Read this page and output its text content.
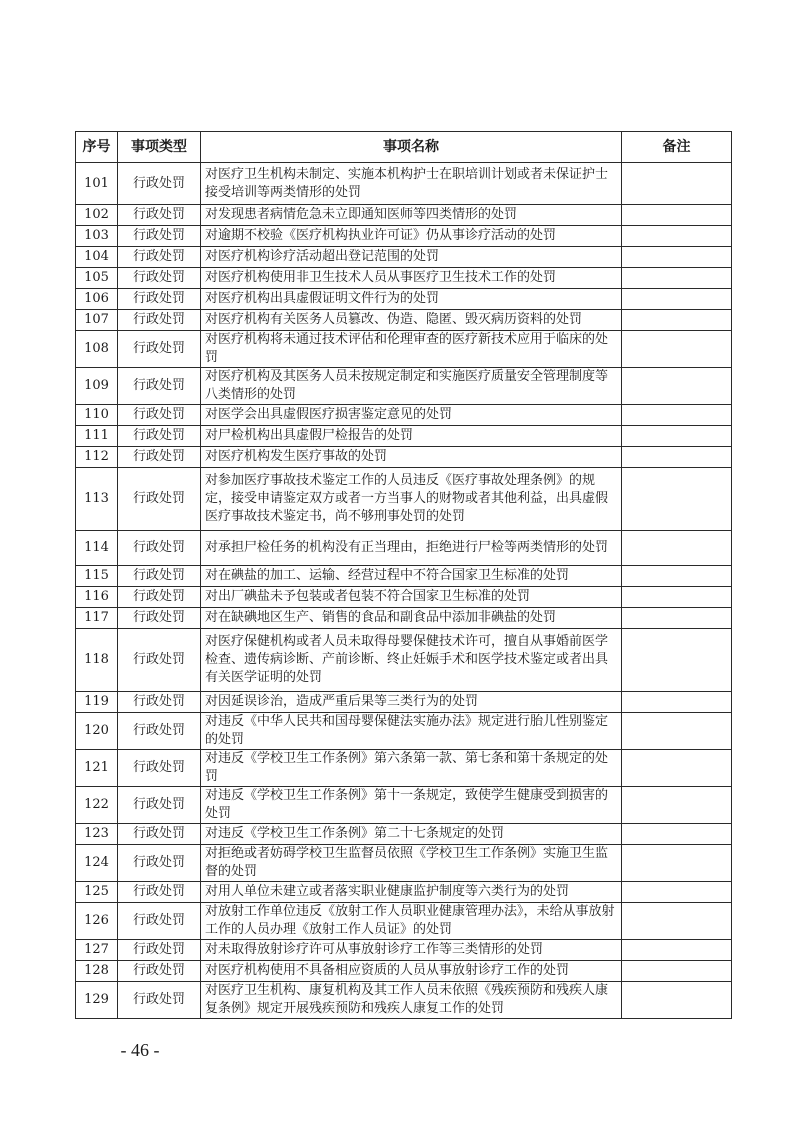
序号	事项类型	事项名称	备注
101	行政处罚	对医疗卫生机构未制定、实施本机构护士在职培训计划或者未保证护士接受培训等两类情形的处罚	
102	行政处罚	对发现患者病情危急未立即通知医师等四类情形的处罚	
103	行政处罚	对逾期不校验《医疗机构执业许可证》仍从事诊疗活动的处罚	
104	行政处罚	对医疗机构诊疗活动超出登记范围的处罚	
105	行政处罚	对医疗机构使用非卫生技术人员从事医疗卫生技术工作的处罚	
106	行政处罚	对医疗机构出具虚假证明文件行为的处罚	
107	行政处罚	对医疗机构有关医务人员篡改、伪造、隐匿、毁灭病历资料的处罚	
108	行政处罚	对医疗机构将未通过技术评估和伦理审查的医疗新技术应用于临床的处罚	
109	行政处罚	对医疗机构及其医务人员未按规定制定和实施医疗质量安全管理制度等八类情形的处罚	
110	行政处罚	对医学会出具虚假医疗损害鉴定意见的处罚	
111	行政处罚	对尸检机构出具虚假尸检报告的处罚	
112	行政处罚	对医疗机构发生医疗事故的处罚	
113	行政处罚	对参加医疗事故技术鉴定工作的人员违反《医疗事故处理条例》的规定，接受申请鉴定双方或者一方当事人的财物或者其他利益，出具虚假医疗事故技术鉴定书，尚不够刑事处罚的处罚	
114	行政处罚	对承担尸检任务的机构没有正当理由，拒绝进行尸检等两类情形的处罚	
115	行政处罚	对在碘盐的加工、运输、经营过程中不符合国家卫生标准的处罚	
116	行政处罚	对出厂碘盐未予包装或者包装不符合国家卫生标准的处罚	
117	行政处罚	对在缺碘地区生产、销售的食品和副食品中添加非碘盐的处罚	
118	行政处罚	对医疗保健机构或者人员未取得母婴保健技术许可，擅自从事婚前医学检查、遗传病诊断、产前诊断、终止妊娠手术和医学技术鉴定或者出具有关医学证明的处罚	
119	行政处罚	对因延误诊治，造成严重后果等三类行为的处罚	
120	行政处罚	对违反《中华人民共和国母婴保健法实施办法》规定进行胎儿性别鉴定的处罚	
121	行政处罚	对违反《学校卫生工作条例》第六条第一款、第七条和第十条规定的处罚	
122	行政处罚	对违反《学校卫生工作条例》第十一条规定，致使学生健康受到损害的处罚	
123	行政处罚	对违反《学校卫生工作条例》第二十七条规定的处罚	
124	行政处罚	对拒绝或者妨碍学校卫生监督员依照《学校卫生工作条例》实施卫生监督的处罚	
125	行政处罚	对用人单位未建立或者落实职业健康监护制度等六类行为的处罚	
126	行政处罚	对放射工作单位违反《放射工作人员职业健康管理办法》，未给从事放射工作的人员办理《放射工作人员证》的处罚	
127	行政处罚	对未取得放射诊疗许可从事放射诊疗工作等三类情形的处罚	
128	行政处罚	对医疗机构使用不具备相应资质的人员从事放射诊疗工作的处罚	
129	行政处罚	对医疗卫生机构、康复机构及其工作人员未依照《残疾预防和残疾人康复条例》规定开展残疾预防和残疾人康复工作的处罚	
- 46 -
